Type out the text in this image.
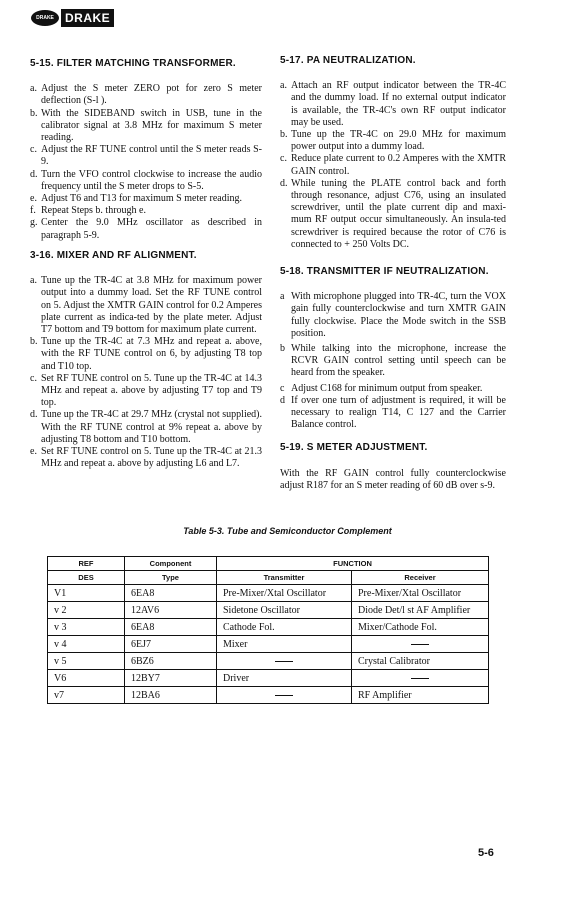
DRAKE DRAKE
5-15. FILTER MATCHING TRANSFORMER.
a. Adjust the S meter ZERO pot for zero S meter deflection (S-l ).
b. With the SIDEBAND switch in USB, tune in the calibrator signal at 3.8 MHz for maximum S meter reading.
c. Adjust the RF TUNE control until the S meter reads S-9.
d. Turn the VFO control clockwise to increase the audio frequency until the S meter drops to S-5.
e. Adjust T6 and T13 for maximum S meter reading.
f. Repeat Steps b. through e.
g. Center the 9.0 MHz oscillator as described in paragraph 5-9.
3-16. MIXER AND RF ALIGNMENT.
a. Tune up the TR-4C at 3.8 MHz for maximum power output into a dummy load. Set the RF TUNE control on 5. Adjust the XMTR GAIN control for 0.2 Amperes plate current as indica-ted by the plate meter. Adjust T7 bottom and T9 bottom for maximum plate current.
b. Tune up the TR-4C at 7.3 MHz and repeat a. above, with the RF TUNE control on 6, by adjusting T8 top and T10 top.
c. Set RF TUNE control on 5. Tune up the TR-4C at 14.3 MHz and repeat a. above by adjusting T7 top and T9 top.
d. Tune up the TR-4C at 29.7 MHz (crystal not supplied). With the RF TUNE control at 9% repeat a. above by adjusting T8 bottom and T10 bottom.
e. Set RF TUNE control on 5. Tune up the TR-4C at 21.3 MHz and repeat a. above by adjusting L6 and L7.
5-17. PA NEUTRALIZATION.
a. Attach an RF output indicator between the TR-4C and the dummy load. If no external output indicator is available, the TR-4C's own RF output indicator may be used.
b. Tune up the TR-4C on 29.0 MHz for maximum power output into a dummy load.
c. Reduce plate current to 0.2 Amperes with the XMTR GAIN control.
d. While tuning the PLATE control back and forth through resonance, adjust C76, using an insulated screwdriver, until the plate current dip and maxi-mum RF output occur simultaneously. An insula-ted screwdriver is required because the rotor of C76 is connected to + 250 Volts DC.
5-18. TRANSMITTER IF NEUTRALIZATION.
a With microphone plugged into TR-4C, turn the VOX gain fully counterclockwise and turn XMTR GAIN fully clockwise. Place the Mode switch in the SSB position.
b While talking into the microphone, increase the RCVR GAIN control setting until speech can be heard from the speaker.
c Adjust C168 for minimum output from speaker.
d If over one turn of adjustment is required, it will be necessary to realign T14, C 127 and the Carrier Balance control.
5-19. S METER ADJUSTMENT.

With the RF GAIN control fully counterclockwise adjust R187 for an S meter reading of 60 dB over s-9.

Table 5-3. Tube and Semiconductor Complement
REF	Component	FUNCTION	
DES	Type	Transmitter	Receiver
V1	6EA8	Pre-Mixer/Xtal Oscillator	Pre-Mixer/Xtal Oscillator
v 2	12AV6	Sidetone Oscillator	Diode Det/l st AF Amplifier
v 3	6EA8	Cathode Fol.	Mixer/Cathode Fol.
v 4	6EJ7	Mixer	
v 5	6BZ6		Crystal Calibrator
V6	12BY7	Driver	
v7	12BA6		RF Amplifier
5-6
